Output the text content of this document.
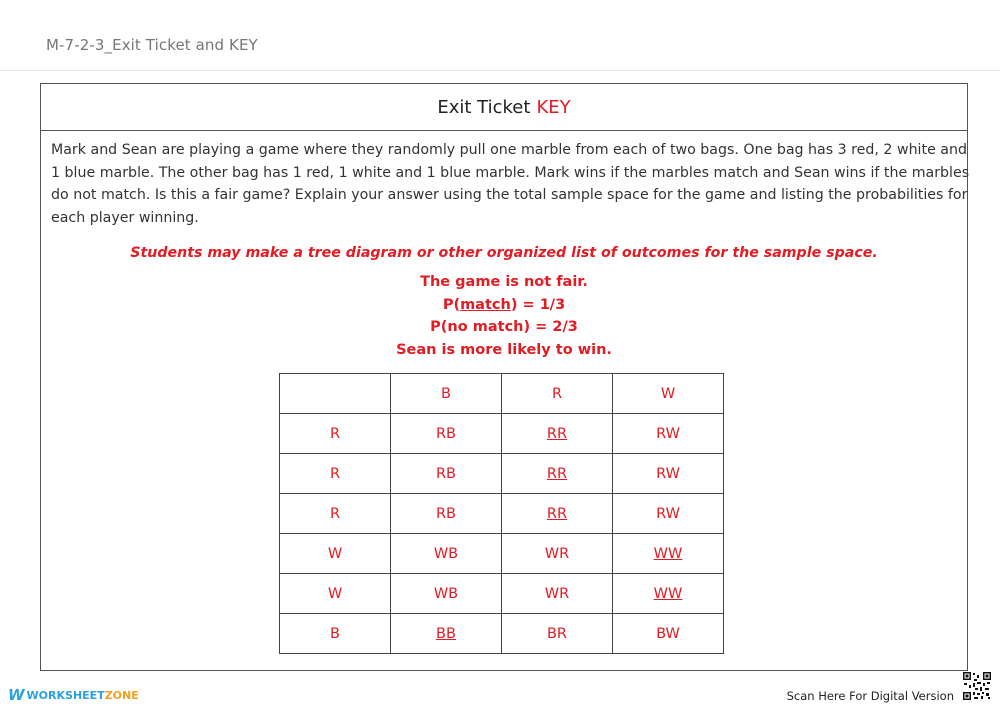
M-7-2-3_Exit Ticket and KEY
Exit Ticket KEY
Mark and Sean are playing a game where they randomly pull one marble from each of two bags. One bag has 3 red, 2 white and 1 blue marble. The other bag has 1 red, 1 white and 1 blue marble. Mark wins if the marbles match and Sean wins if the marbles do not match. Is this a fair game? Explain your answer using the total sample space for the game and listing the probabilities for each player winning.
Students may make a tree diagram or other organized list of outcomes for the sample space.
The game is not fair.
P(match) = 1/3
P(no match) = 2/3
Sean is more likely to win.
	B	R	W
R	RB	RR	RW
R	RB	RR	RW
R	RB	RR	RW
W	WB	WR	WW
W	WB	WR	WW
B	BB	BR	BW
W WORKSHEET ZONE	Scan Here For Digital Version
